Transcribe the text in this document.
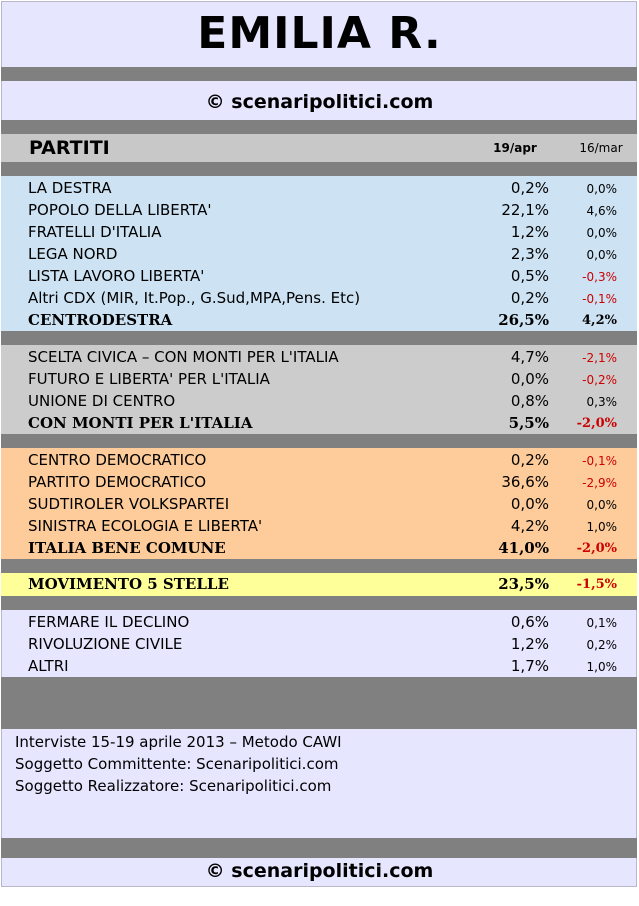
EMILIA R.
© scenaripolitici.com
PARTITI	19/apr	16/mar
LA DESTRA	0,2%	0,0%
POPOLO DELLA LIBERTA'	22,1%	4,6%
FRATELLI D'ITALIA	1,2%	0,0%
LEGA NORD	2,3%	0,0%
LISTA LAVORO LIBERTA'	0,5%	-0,3%
Altri CDX (MIR, It.Pop., G.Sud,MPA,Pens. Etc)	0,2%	-0,1%
CENTRODESTRA	26,5%	4,2%
SCELTA CIVICA – CON MONTI PER L'ITALIA	4,7%	-2,1%
FUTURO E LIBERTA' PER L'ITALIA	0,0%	-0,2%
UNIONE DI CENTRO	0,8%	0,3%
CON MONTI PER L'ITALIA	5,5%	-2,0%
CENTRO DEMOCRATICO	0,2%	-0,1%
PARTITO DEMOCRATICO	36,6%	-2,9%
SUDTIROLER VOLKSPARTEI	0,0%	0,0%
SINISTRA ECOLOGIA E LIBERTA'	4,2%	1,0%
ITALIA BENE COMUNE	41,0%	-2,0%
MOVIMENTO 5 STELLE	23,5%	-1,5%
FERMARE IL DECLINO	0,6%	0,1%
RIVOLUZIONE CIVILE	1,2%	0,2%
ALTRI	1,7%	1,0%
Interviste 15-19 aprile 2013 – Metodo CAWI
Soggetto Committente: Scenaripolitici.com
Soggetto Realizzatore: Scenaripolitici.com
© scenaripolitici.com
